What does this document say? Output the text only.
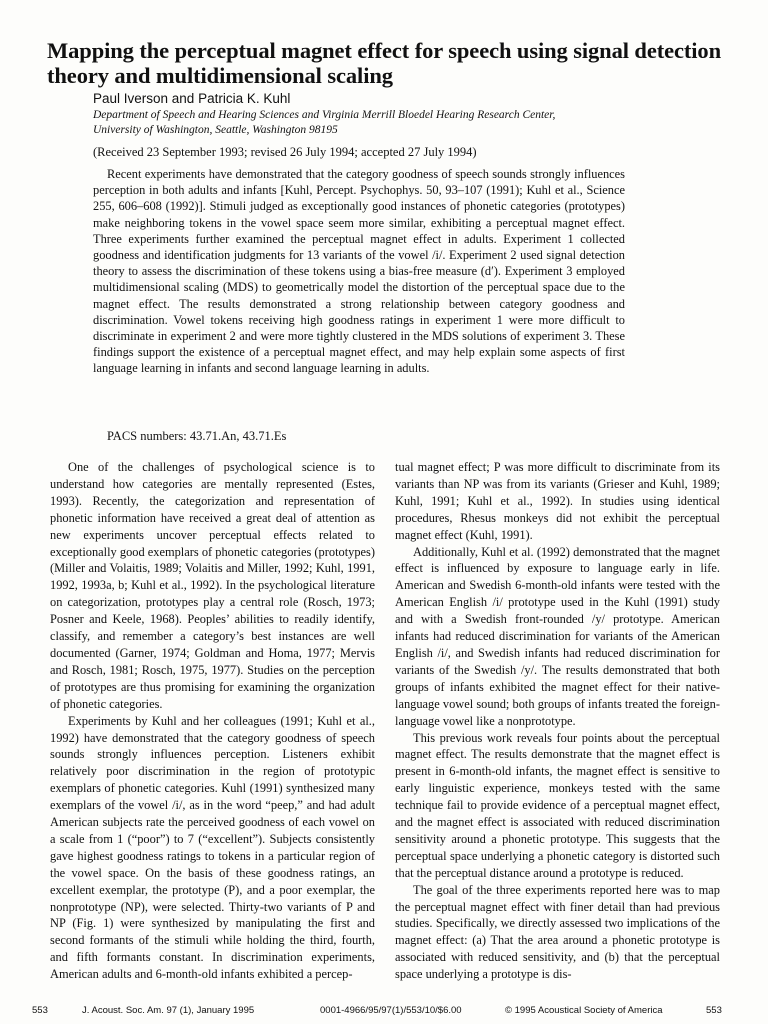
Mapping the perceptual magnet effect for speech using signal detection theory and multidimensional scaling
Paul Iverson and Patricia K. Kuhl
Department of Speech and Hearing Sciences and Virginia Merrill Bloedel Hearing Research Center,
University of Washington, Seattle, Washington 98195
(Received 23 September 1993; revised 26 July 1994; accepted 27 July 1994)
Recent experiments have demonstrated that the category goodness of speech sounds strongly influences perception in both adults and infants [Kuhl, Percept. Psychophys. 50, 93–107 (1991); Kuhl et al., Science 255, 606–608 (1992)]. Stimuli judged as exceptionally good instances of phonetic categories (prototypes) make neighboring tokens in the vowel space seem more similar, exhibiting a perceptual magnet effect. Three experiments further examined the perceptual magnet effect in adults. Experiment 1 collected goodness and identification judgments for 13 variants of the vowel /i/. Experiment 2 used signal detection theory to assess the discrimination of these tokens using a bias-free measure (d′). Experiment 3 employed multidimensional scaling (MDS) to geometrically model the distortion of the perceptual space due to the magnet effect. The results demonstrated a strong relationship between category goodness and discrimination. Vowel tokens receiving high goodness ratings in experiment 1 were more difficult to discriminate in experiment 2 and were more tightly clustered in the MDS solutions of experiment 3. These findings support the existence of a perceptual magnet effect, and may help explain some aspects of first language learning in infants and second language learning in adults.
PACS numbers: 43.71.An, 43.71.Es

One of the challenges of psychological science is to understand how categories are mentally represented (Estes, 1993). Recently, the categorization and representation of phonetic information have received a great deal of attention as new experiments uncover perceptual effects related to exceptionally good exemplars of phonetic categories (prototypes) (Miller and Volaitis, 1989; Volaitis and Miller, 1992; Kuhl, 1991, 1992, 1993a, b; Kuhl et al., 1992). In the psychological literature on categorization, prototypes play a central role (Rosch, 1973; Posner and Keele, 1968). Peoples’ abilities to readily identify, classify, and remember a category’s best instances are well documented (Garner, 1974; Goldman and Homa, 1977; Mervis and Rosch, 1981; Rosch, 1975, 1977). Studies on the perception of prototypes are thus promising for examining the organization of phonetic categories.

Experiments by Kuhl and her colleagues (1991; Kuhl et al., 1992) have demonstrated that the category goodness of speech sounds strongly influences perception. Listeners exhibit relatively poor discrimination in the region of prototypic exemplars of phonetic categories. Kuhl (1991) synthesized many exemplars of the vowel /i/, as in the word “peep,” and had adult American subjects rate the perceived goodness of each vowel on a scale from 1 (“poor”) to 7 (“excellent”). Subjects consistently gave highest goodness ratings to tokens in a particular region of the vowel space. On the basis of these goodness ratings, an excellent exemplar, the prototype (P), and a poor exemplar, the nonprototype (NP), were selected. Thirty-two variants of P and NP (Fig. 1) were synthesized by manipulating the first and second formants of the stimuli while holding the third, fourth, and fifth formants constant. In discrimination experiments, American adults and 6-month-old infants exhibited a percep-

tual magnet effect; P was more difficult to discriminate from its variants than NP was from its variants (Grieser and Kuhl, 1989; Kuhl, 1991; Kuhl et al., 1992). In studies using identical procedures, Rhesus monkeys did not exhibit the perceptual magnet effect (Kuhl, 1991).

Additionally, Kuhl et al. (1992) demonstrated that the magnet effect is influenced by exposure to language early in life. American and Swedish 6-month-old infants were tested with the American English /i/ prototype used in the Kuhl (1991) study and with a Swedish front-rounded /y/ prototype. American infants had reduced discrimination for variants of the American English /i/, and Swedish infants had reduced discrimination for variants of the Swedish /y/. The results demonstrated that both groups of infants exhibited the magnet effect for their native-language vowel sound; both groups of infants treated the foreign-language vowel like a nonprototype.

This previous work reveals four points about the perceptual magnet effect. The results demonstrate that the magnet effect is present in 6-month-old infants, the magnet effect is sensitive to early linguistic experience, monkeys tested with the same technique fail to provide evidence of a perceptual magnet effect, and the magnet effect is associated with reduced discrimination sensitivity around a phonetic prototype. This suggests that the perceptual space underlying a phonetic category is distorted such that the perceptual distance around a prototype is reduced.

The goal of the three experiments reported here was to map the perceptual magnet effect with finer detail than had previous studies. Specifically, we directly assessed two implications of the magnet effect: (a) That the area around a phonetic prototype is associated with reduced sensitivity, and (b) that the perceptual space underlying a prototype is dis-

553	J. Acoust. Soc. Am. 97 (1), January 1995	0001-4966/95/97(1)/553/10/$6.00	© 1995 Acoustical Society of America	553
